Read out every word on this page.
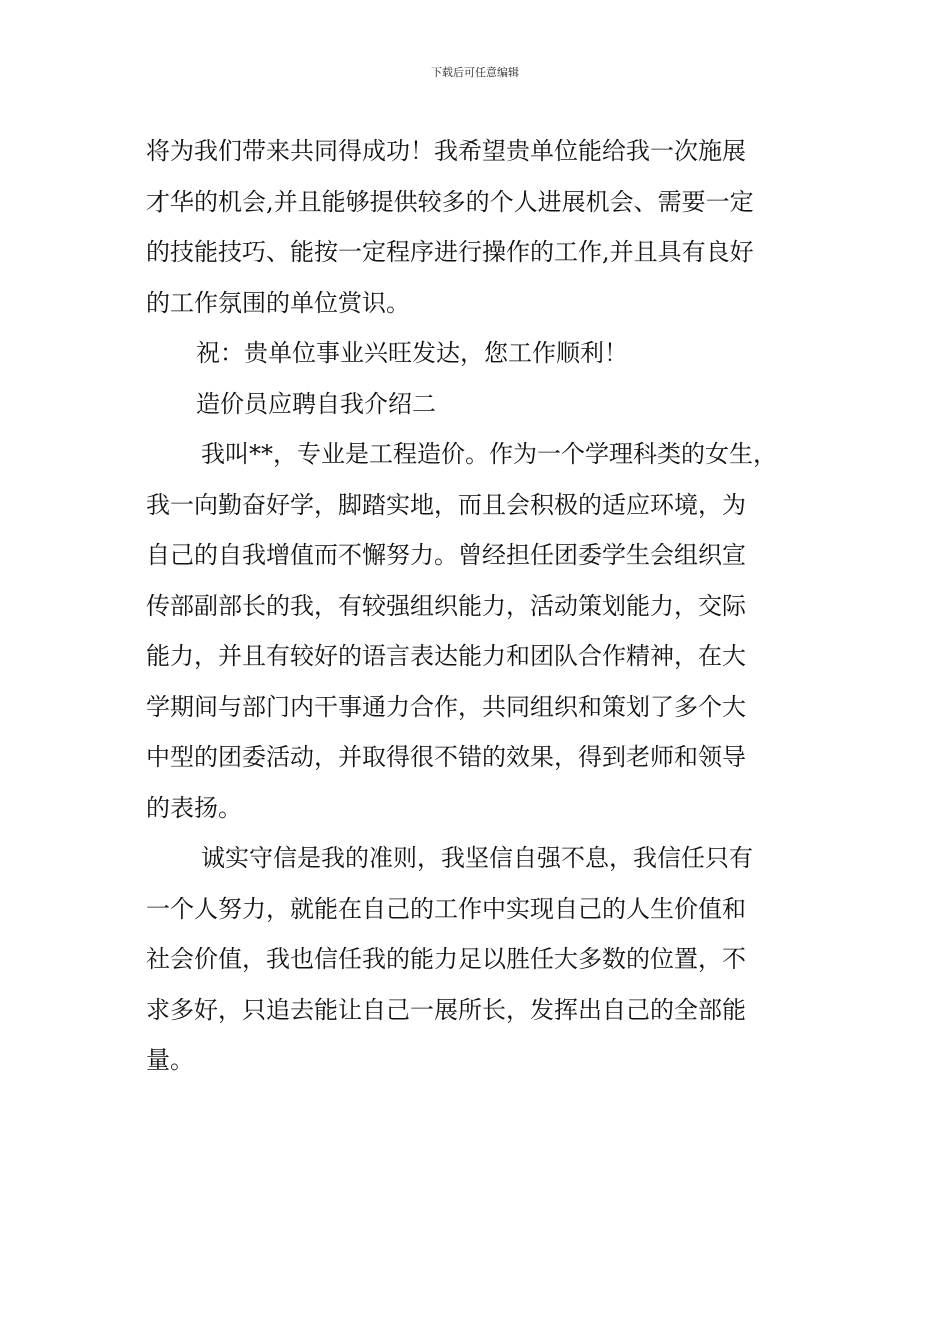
下载后可任意编辑
将为我们带来共同得成功！我希望贵单位能给我一次施展
才华的机会,并且能够提供较多的个人进展机会、需要一定
的技能技巧、能按一定程序进行操作的工作,并且具有良好
的工作氛围的单位赏识。
祝：贵单位事业兴旺发达，您工作顺利！
造价员应聘自我介绍二
我叫**，专业是工程造价。作为一个学理科类的女生，
我一向勤奋好学，脚踏实地，而且会积极的适应环境，为
自己的自我增值而不懈努力。曾经担任团委学生会组织宣
传部副部长的我，有较强组织能力，活动策划能力，交际
能力，并且有较好的语言表达能力和团队合作精神，在大
学期间与部门内干事通力合作，共同组织和策划了多个大
中型的团委活动，并取得很不错的效果，得到老师和领导
的表扬。
诚实守信是我的准则，我坚信自强不息，我信任只有
一个人努力，就能在自己的工作中实现自己的人生价值和
社会价值，我也信任我的能力足以胜任大多数的位置，不
求多好，只追去能让自己一展所长，发挥出自己的全部能
量。
